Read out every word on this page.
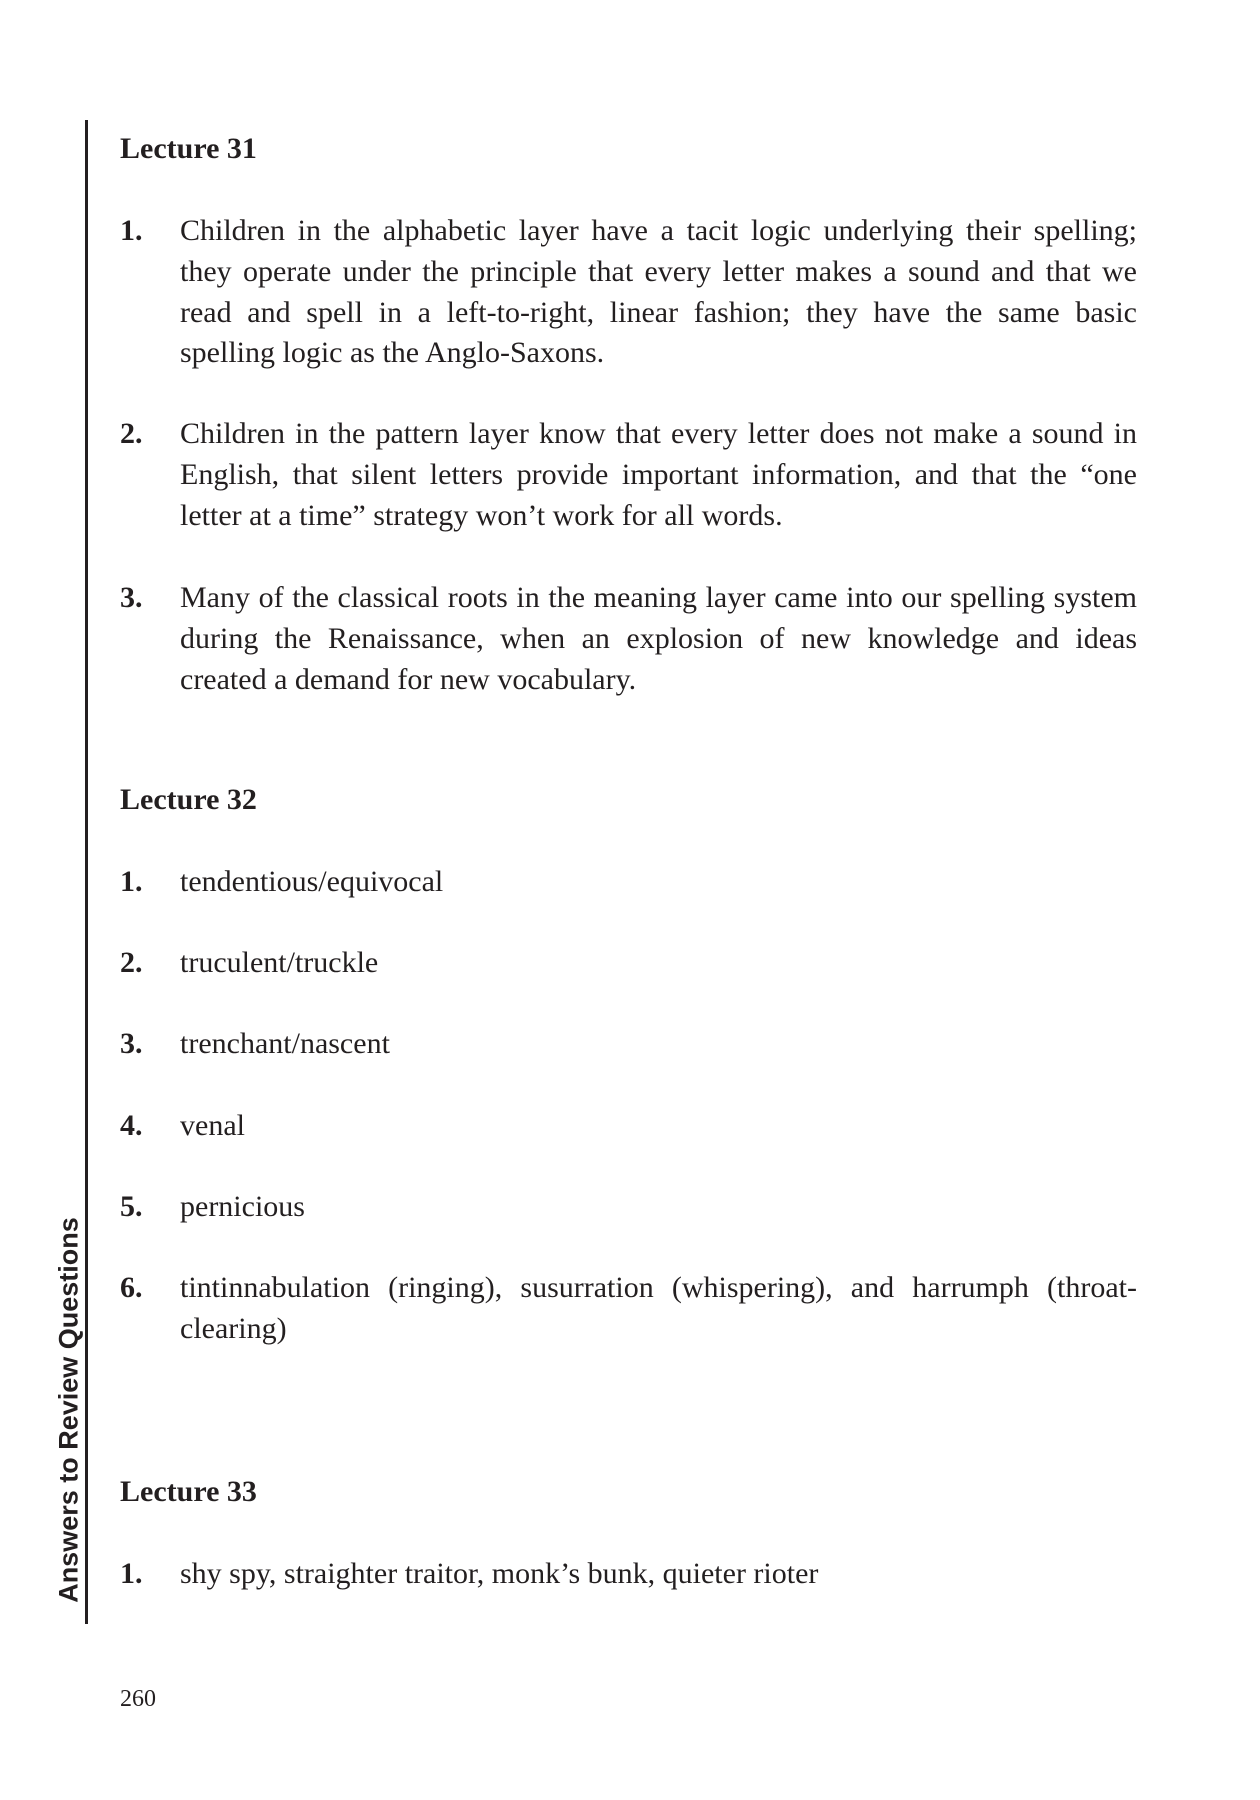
Answers to Review Questions
Lecture 31
1. Children in the alphabetic layer have a tacit logic underlying their spelling; they operate under the principle that every letter makes a sound and that we read and spell in a left-to-right, linear fashion; they have the same basic spelling logic as the Anglo-Saxons.
2. Children in the pattern layer know that every letter does not make a sound in English, that silent letters provide important information, and that the “one letter at a time” strategy won’t work for all words.
3. Many of the classical roots in the meaning layer came into our spelling system during the Renaissance, when an explosion of new knowledge and ideas created a demand for new vocabulary.
Lecture 32
1. tendentious/equivocal
2. truculent/truckle
3. trenchant/nascent
4. venal
5. pernicious
6. tintinnabulation (ringing), susurration (whispering), and harrumph (throat-clearing)
Lecture 33
1. shy spy, straighter traitor, monk’s bunk, quieter rioter
260
